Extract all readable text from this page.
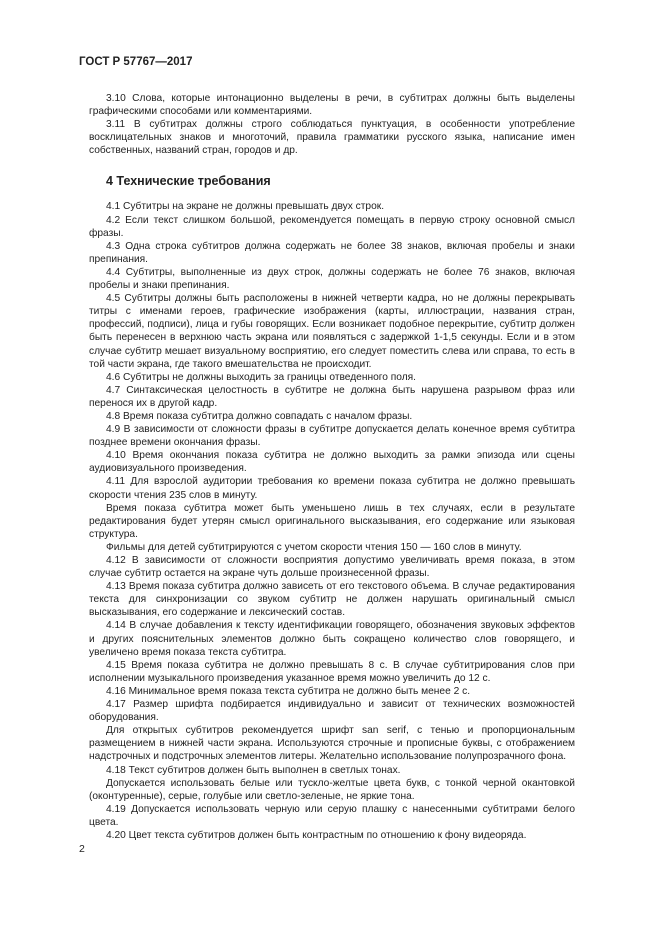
ГОСТ Р 57767—2017

3.10 Слова, которые интонационно выделены в речи, в субтитрах должны быть выделены графическими способами или комментариями.

3.11 В субтитрах должны строго соблюдаться пунктуация, в особенности употребление восклицательных знаков и многоточий, правила грамматики русского языка, написание имен собственных, названий стран, городов и др.

4 Технические требования

4.1 Субтитры на экране не должны превышать двух строк.

4.2 Если текст слишком большой, рекомендуется помещать в первую строку основной смысл фразы.

4.3 Одна строка субтитров должна содержать не более 38 знаков, включая пробелы и знаки препинания.

4.4 Субтитры, выполненные из двух строк, должны содержать не более 76 знаков, включая пробелы и знаки препинания.

4.5 Субтитры должны быть расположены в нижней четверти кадра, но не должны перекрывать титры с именами героев, графические изображения (карты, иллюстрации, названия стран, профессий, подписи), лица и губы говорящих. Если возникает подобное перекрытие, субтитр должен быть перенесен в верхнюю часть экрана или появляться с задержкой 1-1,5 секунды. Если и в этом случае субтитр мешает визуальному восприятию, его следует поместить слева или справа, то есть в той части экрана, где такого вмешательства не происходит.

4.6 Субтитры не должны выходить за границы отведенного поля.

4.7 Синтаксическая целостность в субтитре не должна быть нарушена разрывом фраз или перенося их в другой кадр.

4.8 Время показа субтитра должно совпадать с началом фразы.

4.9 В зависимости от сложности фразы в субтитре допускается делать конечное время субтитра позднее времени окончания фразы.

4.10 Время окончания показа субтитра не должно выходить за рамки эпизода или сцены аудиовизуального произведения.

4.11 Для взрослой аудитории требования ко времени показа субтитра не должно превышать скорости чтения 235 слов в минуту.

Время показа субтитра может быть уменьшено лишь в тех случаях, если в результате редактирования будет утерян смысл оригинального высказывания, его содержание или языковая структура.

Фильмы для детей субтитрируются с учетом скорости чтения 150 — 160 слов в минуту.

4.12 В зависимости от сложности восприятия допустимо увеличивать время показа, в этом случае субтитр остается на экране чуть дольше произнесенной фразы.

4.13 Время показа субтитра должно зависеть от его текстового объема. В случае редактирования текста для синхронизации со звуком субтитр не должен нарушать оригинальный смысл высказывания, его содержание и лексический состав.

4.14 В случае добавления к тексту идентификации говорящего, обозначения звуковых эффектов и других пояснительных элементов должно быть сокращено количество слов говорящего, и увеличено время показа текста субтитра.

4.15 Время показа субтитра не должно превышать 8 с. В случае субтитрирования слов при исполнении музыкального произведения указанное время можно увеличить до 12 с.

4.16 Минимальное время показа текста субтитра не должно быть менее 2 с.

4.17 Размер шрифта подбирается индивидуально и зависит от технических возможностей оборудования.

Для открытых субтитров рекомендуется шрифт san serif, с тенью и пропорциональным размещением в нижней части экрана. Используются строчные и прописные буквы, с отображением надстрочных и подстрочных элементов литеры. Желательно использование полупрозрачного фона.

4.18 Текст субтитров должен быть выполнен в светлых тонах.

Допускается использовать белые или тускло-желтые цвета букв, с тонкой черной окантовкой (оконтуренные), серые, голубые или светло-зеленые, не яркие тона.

4.19 Допускается использовать черную или серую плашку с нанесенными субтитрами белого цвета.

4.20 Цвет текста субтитров должен быть контрастным по отношению к фону видеоряда.

2
